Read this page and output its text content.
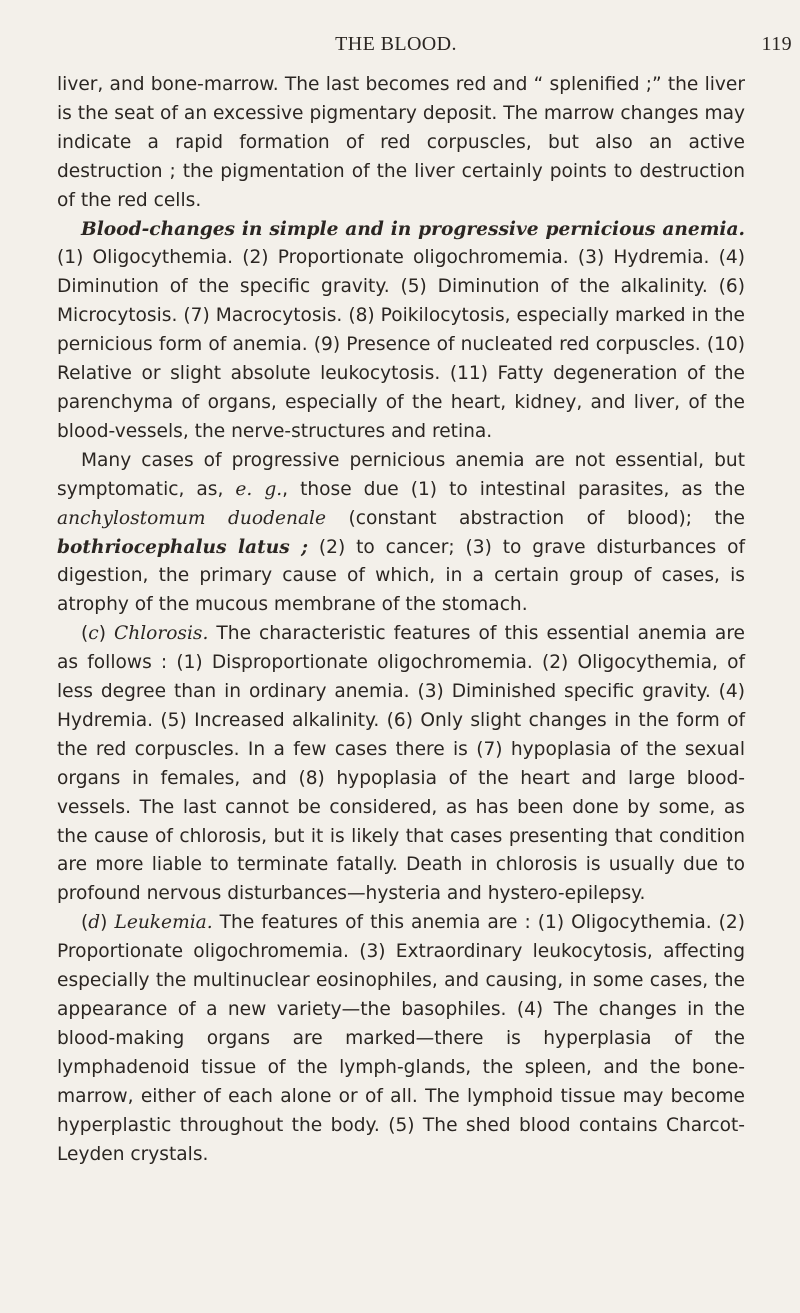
THE BLOOD.	119

liver, and bone-marrow. The last becomes red and “ splenified ;” the liver is the seat of an excessive pigmentary deposit. The marrow changes may indicate a rapid formation of red corpuscles, but also an active destruction ; the pigmentation of the liver certainly points to destruction of the red cells.

Blood-changes in simple and in progressive pernicious anemia. (1) Oligocythemia. (2) Proportionate oligochromemia. (3) Hydremia. (4) Diminution of the specific gravity. (5) Diminution of the alkalinity. (6) Microcytosis. (7) Macrocytosis. (8) Poikilocytosis, especially marked in the pernicious form of anemia. (9) Presence of nucleated red corpuscles. (10) Relative or slight absolute leukocytosis. (11) Fatty degeneration of the parenchyma of organs, especially of the heart, kidney, and liver, of the blood-vessels, the nerve-structures and retina.

Many cases of progressive pernicious anemia are not essential, but symptomatic, as, e. g., those due (1) to intestinal parasites, as the anchylostomum duodenale (constant abstraction of blood); the bothriocephalus latus ; (2) to cancer; (3) to grave disturbances of digestion, the primary cause of which, in a certain group of cases, is atrophy of the mucous membrane of the stomach.

(c) Chlorosis. The characteristic features of this essential anemia are as follows : (1) Disproportionate oligochromemia. (2) Oligocythemia, of less degree than in ordinary anemia. (3) Diminished specific gravity. (4) Hydremia. (5) Increased alkalinity. (6) Only slight changes in the form of the red corpuscles. In a few cases there is (7) hypoplasia of the sexual organs in females, and (8) hypoplasia of the heart and large blood-vessels. The last cannot be considered, as has been done by some, as the cause of chlorosis, but it is likely that cases presenting that condition are more liable to terminate fatally. Death in chlorosis is usually due to profound nervous disturbances—hysteria and hystero-epilepsy.

(d) Leukemia. The features of this anemia are : (1) Oligocythemia. (2) Proportionate oligochromemia. (3) Extraordinary leukocytosis, affecting especially the multinuclear eosinophiles, and causing, in some cases, the appearance of a new variety—the basophiles. (4) The changes in the blood-making organs are marked—there is hyperplasia of the lymphadenoid tissue of the lymph-glands, the spleen, and the bone-marrow, either of each alone or of all. The lymphoid tissue may become hyperplastic throughout the body. (5) The shed blood contains Charcot-Leyden crystals.
